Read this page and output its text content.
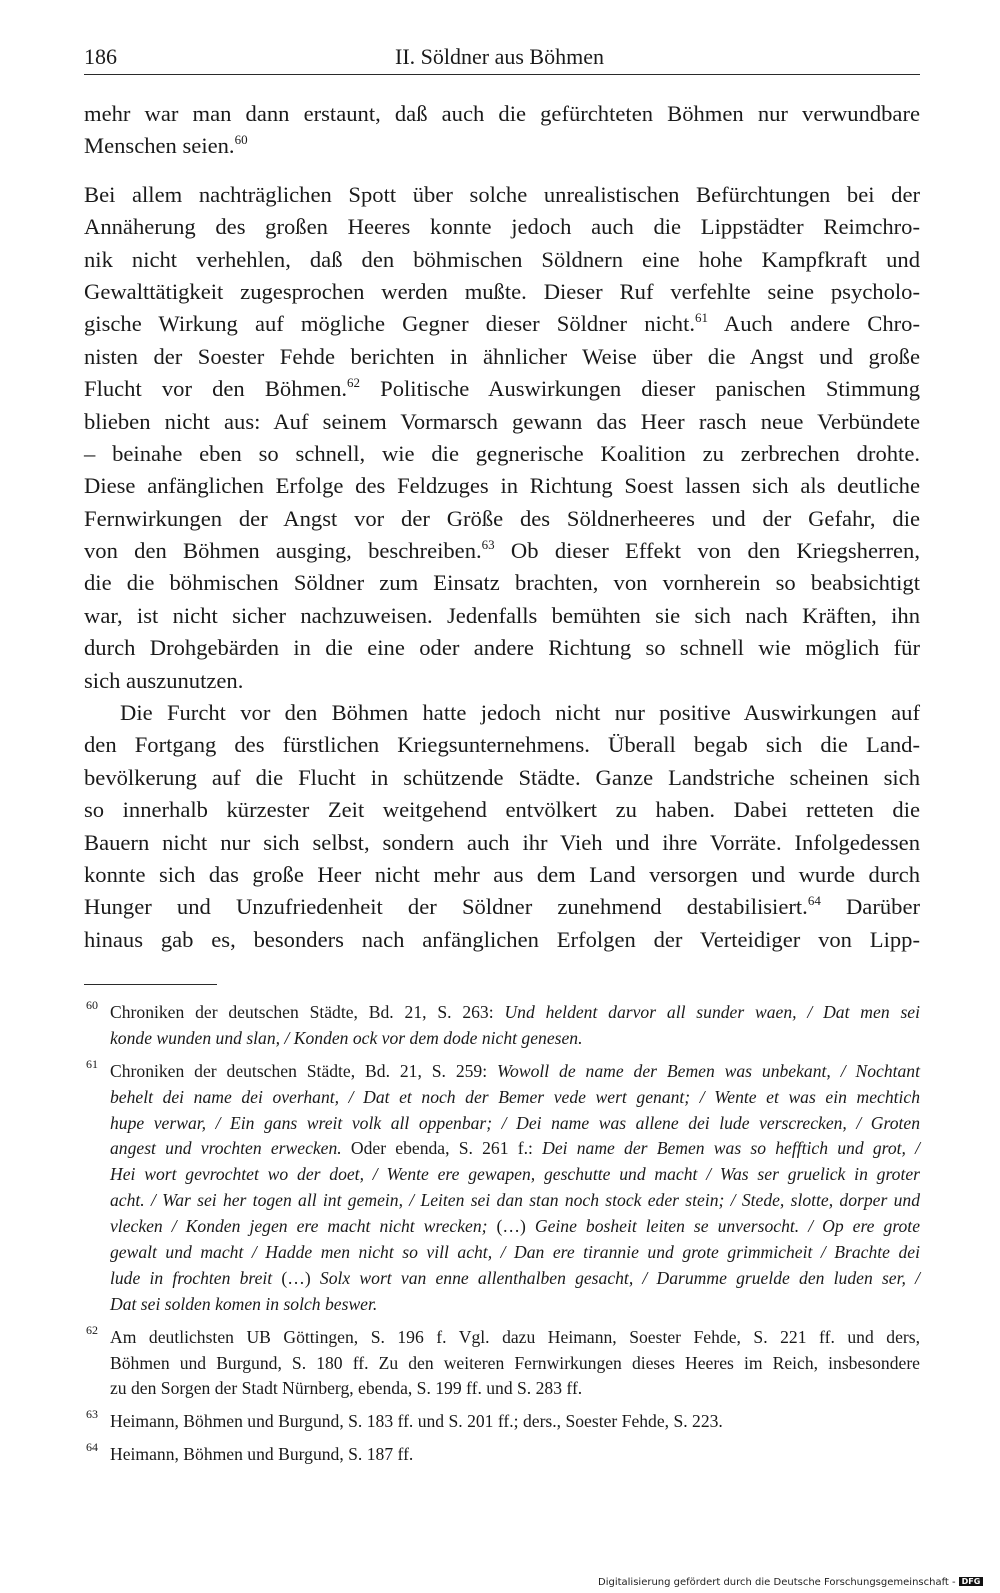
186	II. Söldner aus Böhmen
mehr war man dann erstaunt, daß auch die gefürchteten Böhmen nur verwundbare
Menschen seien.$^{60}$
Bei allem nachträglichen Spott über solche unrealistischen Befürchtungen bei der
Annäherung des großen Heeres konnte jedoch auch die Lippstädter Reimchro-
nik nicht verhehlen, daß den böhmischen Söldnern eine hohe Kampfkraft und
Gewalttätigkeit zugesprochen werden mußte. Dieser Ruf verfehlte seine psycholo-
gische Wirkung auf mögliche Gegner dieser Söldner nicht.$^{61}$ Auch andere Chro-
nisten der Soester Fehde berichten in ähnlicher Weise über die Angst und große
Flucht vor den Böhmen.$^{62}$ Politische Auswirkungen dieser panischen Stimmung
blieben nicht aus: Auf seinem Vormarsch gewann das Heer rasch neue Verbündete
– beinahe eben so schnell, wie die gegnerische Koalition zu zerbrechen drohte.
Diese anfänglichen Erfolge des Feldzuges in Richtung Soest lassen sich als deutliche
Fernwirkungen der Angst vor der Größe des Söldnerheeres und der Gefahr, die
von den Böhmen ausging, beschreiben.$^{63}$ Ob dieser Effekt von den Kriegsherren,
die die böhmischen Söldner zum Einsatz brachten, von vornherein so beabsichtigt
war, ist nicht sicher nachzuweisen. Jedenfalls bemühten sie sich nach Kräften, ihn
durch Drohgebärden in die eine oder andere Richtung so schnell wie möglich für
sich auszunutzen.
Die Furcht vor den Böhmen hatte jedoch nicht nur positive Auswirkungen auf
den Fortgang des fürstlichen Kriegsunternehmens. Überall begab sich die Land-
bevölkerung auf die Flucht in schützende Städte. Ganze Landstriche scheinen sich
so innerhalb kürzester Zeit weitgehend entvölkert zu haben. Dabei retteten die
Bauern nicht nur sich selbst, sondern auch ihr Vieh und ihre Vorräte. Infolgedessen
konnte sich das große Heer nicht mehr aus dem Land versorgen und wurde durch
Hunger und Unzufriedenheit der Söldner zunehmend destabilisiert.$^{64}$ Darüber
hinaus gab es, besonders nach anfänglichen Erfolgen der Verteidiger von Lipp-
60 Chroniken der deutschen Städte, Bd. 21, S. 263: Und heldent darvor all sunder waen, / Dat men sei
konde wunden und slan, / Konden ock vor dem dode nicht genesen.
61 Chroniken der deutschen Städte, Bd. 21, S. 259: Wowoll de name der Bemen was unbekant, / Nochtant
behelt dei name dei overhant, / Dat et noch der Bemer vede wert genant; / Wente et was ein mechtich
hupe verwar, / Ein gans wreit volk all oppenbar; / Dei name was allene dei lude verscrecken, / Groten
angest und vrochten erwecken. Oder ebenda, S. 261 f.: Dei name der Bemen was so hefftich und grot, /
Hei wort gevrochtet wo der doet, / Wente ere gewapen, geschutte und macht / Was ser gruelick in groter
acht. / War sei her togen all int gemein, / Leiten sei dan stan noch stock eder stein; / Stede, slotte, dorper und
vlecken / Konden jegen ere macht nicht wrecken; (…) Geine bosheit leiten se unversocht. / Op ere grote
gewalt und macht / Hadde men nicht so vill acht, / Dan ere tirannie und grote grimmicheit / Brachte dei
lude in frochten breit (…) Solx wort van enne allenthalben gesacht, / Darumme gruelde den luden ser, /
Dat sei solden komen in solch beswer.
62 Am deutlichsten UB Göttingen, S. 196 f. Vgl. dazu Heimann, Soester Fehde, S. 221 ff. und ders,
Böhmen und Burgund, S. 180 ff. Zu den weiteren Fernwirkungen dieses Heeres im Reich, insbesondere
zu den Sorgen der Stadt Nürnberg, ebenda, S. 199 ff. und S. 283 ff.
63 Heimann, Böhmen und Burgund, S. 183 ff. und S. 201 ff.; ders., Soester Fehde, S. 223.
64 Heimann, Böhmen und Burgund, S. 187 ff.
Digitalisierung gefördert durch die Deutsche Forschungsgemeinschaft - DFG
